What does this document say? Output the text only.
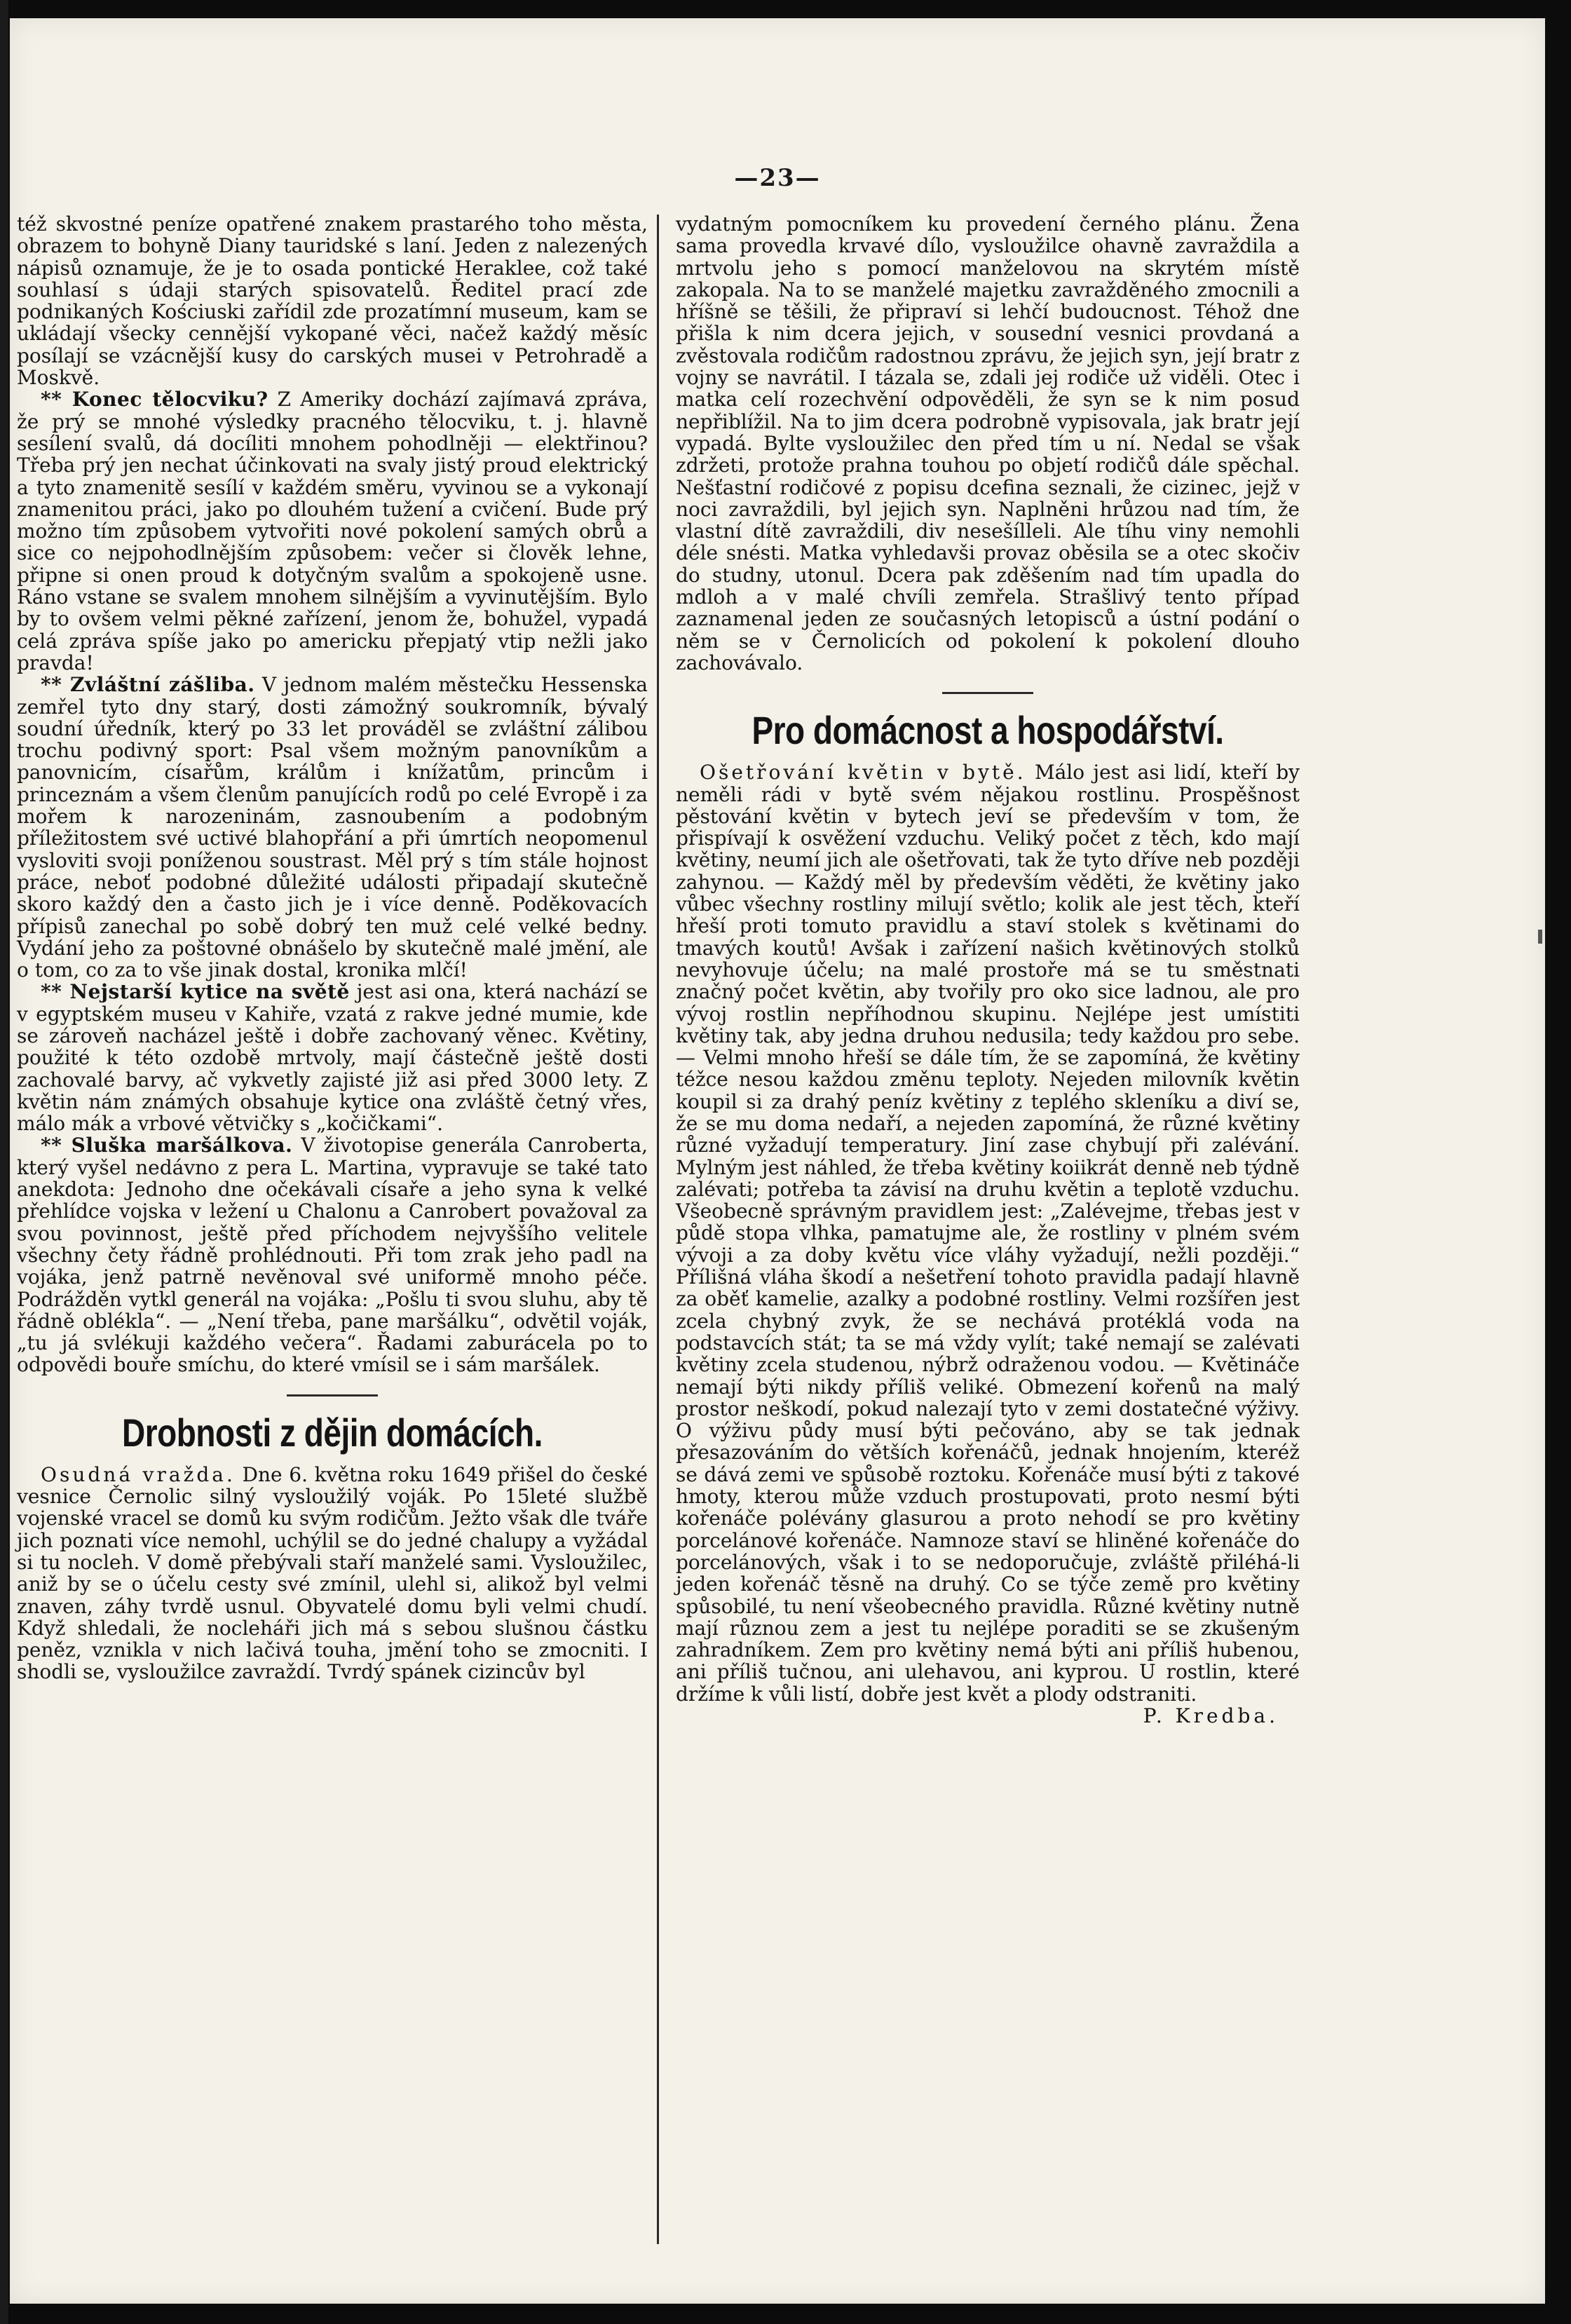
—23—

též skvostné peníze opatřené znakem prastarého toho města, obrazem to bohyně Diany tauridské s laní. Jeden z nalezených nápisů oznamuje, že je to osada pontické Heraklee, což také souhlasí s údaji starých spisovatelů. Ředitel prací zde podnikaných Kościuski zařídil zde prozatímní museum, kam se ukládají všecky cennější vykopané věci, načež každý měsíc posílají se vzácnější kusy do carských musei v Petrohradě a Moskvě.

** Konec tělocviku? Z Ameriky dochází zajímavá zpráva, že prý se mnohé výsledky pracného tělocviku, t. j. hlavně sesílení svalů, dá docíliti mnohem pohodlněji — elektřinou? Třeba prý jen nechat účinkovati na svaly jistý proud elektrický a tyto znamenitě sesílí v každém směru, vyvinou se a vykonají znamenitou práci, jako po dlouhém tužení a cvičení. Bude prý možno tím způsobem vytvořiti nové pokolení samých obrů a sice co nejpohodlnějším způsobem: večer si člověk lehne, připne si onen proud k dotyčným svalům a spokojeně usne. Ráno vstane se svalem mnohem silnějším a vyvinutějším. Bylo by to ovšem velmi pěkné zařízení, jenom že, bohužel, vypadá celá zpráva spíše jako po americku přepjatý vtip nežli jako pravda!

** Zvláštní zášliba. V jednom malém městečku Hessenska zemřel tyto dny starý, dosti zámožný soukromník, bývalý soudní úředník, který po 33 let prováděl se zvláštní zálibou trochu podivný sport: Psal všem možným panovníkům a panovnicím, císařům, králům i knížatům, princům i princeznám a všem členům panujících rodů po celé Evropě i za mořem k narozeninám, zasnoubením a podobným příležitostem své uctivé blahopřání a při úmrtích neopomenul vysloviti svoji poníženou soustrast. Měl prý s tím stále hojnost práce, neboť podobné důležité události připadají skutečně skoro každý den a často jich je i více denně. Poděkovacích přípisů zanechal po sobě dobrý ten muž celé velké bedny. Vydání jeho za poštovné obnášelo by skutečně malé jmění, ale o tom, co za to vše jinak dostal, kronika mlčí!

** Nejstarší kytice na světě jest asi ona, která nachází se v egyptském museu v Kahiře, vzatá z rakve jedné mumie, kde se zároveň nacházel ještě i dobře zachovaný věnec. Květiny, použité k této ozdobě mrtvoly, mají částečně ještě dosti zachovalé barvy, ač vykvetly zajisté již asi před 3000 lety. Z květin nám známých obsahuje kytice ona zvláště četný vřes, málo mák a vrbové větvičky s „kočičkami“.

** Sluška maršálkova. V životopise generála Canroberta, který vyšel nedávno z pera L. Martina, vypravuje se také tato anekdota: Jednoho dne očekávali císaře a jeho syna k velké přehlídce vojska v ležení u Chalonu a Canrobert považoval za svou povinnost, ještě před příchodem nejvyššího velitele všechny čety řádně prohlédnouti. Při tom zrak jeho padl na vojáka, jenž patrně nevěnoval své uniformě mnoho péče. Podrážděn vytkl generál na vojáka: „Pošlu ti svou sluhu, aby tě řádně oblékla“. — „Není třeba, pane maršálku“, odvětil voják, „tu já svlékuji každého večera“. Řadami zaburácela po to odpovědi bouře smíchu, do které vmísil se i sám maršálek.

Drobnosti z dějin domácích.

Osudná vražda. Dne 6. května roku 1649 přišel do české vesnice Černolic silný vysloužilý voják. Po 15leté službě vojenské vracel se domů ku svým rodičům. Ježto však dle tváře jich poznati více nemohl, uchýlil se do jedné chalupy a vyžádal si tu nocleh. V domě přebývali staří manželé sami. Vysloužilec, aniž by se o účelu cesty své zmínil, ulehl si, alikož byl velmi znaven, záhy tvrdě usnul. Obyvatelé domu byli velmi chudí. Když shledali, že nocleháři jich má s sebou slušnou částku peněz, vznikla v nich lačivá touha, jmění toho se zmocniti. I shodli se, vysloužilce zavraždí. Tvrdý spánek cizincův byl

vydatným pomocníkem ku provedení černého plánu. Žena sama provedla krvavé dílo, vysloužilce ohavně zavraždila a mrtvolu jeho s pomocí manželovou na skrytém místě zakopala. Na to se manželé majetku zavražděného zmocnili a hříšně se těšili, že připraví si lehčí budoucnost. Téhož dne přišla k nim dcera jejich, v sousední vesnici provdaná a zvěstovala rodičům radostnou zprávu, že jejich syn, její bratr z vojny se navrátil. I tázala se, zdali jej rodiče už viděli. Otec i matka celí rozechvění odpověděli, že syn se k nim posud nepřiblížil. Na to jim dcera podrobně vypisovala, jak bratr její vypadá. Bylte vysloužilec den před tím u ní. Nedal se však zdržeti, protože prahna touhou po objetí rodičů dále spěchal. Nešťastní rodičové z popisu dcefina seznali, že cizinec, jejž v noci zavraždili, byl jejich syn. Naplněni hrůzou nad tím, že vlastní dítě zavraždili, div nesešílleli. Ale tíhu viny nemohli déle snésti. Matka vyhledavši provaz oběsila se a otec skočiv do studny, utonul. Dcera pak zděšením nad tím upadla do mdloh a v malé chvíli zemřela. Strašlivý tento případ zaznamenal jeden ze současných letopisců a ústní podání o něm se v Černolicích od pokolení k pokolení dlouho zachovávalo.

Pro domácnost a hospodářství.

Ošetřování květin v bytě. Málo jest asi lidí, kteří by neměli rádi v bytě svém nějakou rostlinu. Prospěšnost pěstování květin v bytech jeví se především v tom, že přispívají k osvěžení vzduchu. Veliký počet z těch, kdo mají květiny, neumí jich ale ošetřovati, tak že tyto dříve neb později zahynou. — Každý měl by především věděti, že květiny jako vůbec všechny rostliny milují světlo; kolik ale jest těch, kteří hřeší proti tomuto pravidlu a staví stolek s květinami do tmavých koutů! Avšak i zařízení našich květinových stolků nevyhovuje účelu; na malé prostoře má se tu směstnati značný počet květin, aby tvořily pro oko sice ladnou, ale pro vývoj rostlin nepříhodnou skupinu. Nejlépe jest umístiti květiny tak, aby jedna druhou nedusila; tedy každou pro sebe. — Velmi mnoho hřeší se dále tím, že se zapomíná, že květiny téžce nesou každou změnu teploty. Nejeden milovník květin koupil si za drahý peníz květiny z teplého skleníku a diví se, že se mu doma nedaří, a nejeden zapomíná, že různé květiny různé vyžadují temperatury. Jiní zase chybují při zalévání. Mylným jest náhled, že třeba květiny koiikrát denně neb týdně zalévati; potřeba ta závisí na druhu květin a teplotě vzduchu. Všeobecně správným pravidlem jest: „Zalévejme, třebas jest v půdě stopa vlhka, pamatujme ale, že rostliny v plném svém vývoji a za doby květu více vláhy vyžadují, nežli později.“ Přílišná vláha škodí a nešetření tohoto pravidla padají hlavně za oběť kamelie, azalky a podobné rostliny. Velmi rozšířen jest zcela chybný zvyk, že se nechává protéklá voda na podstavcích stát; ta se má vždy vylít; také nemají se zalévati květiny zcela studenou, nýbrž odraženou vodou. — Květináče nemají býti nikdy příliš veliké. Obmezení kořenů na malý prostor neškodí, pokud nalezají tyto v zemi dostatečné výživy. O výživu půdy musí býti pečováno, aby se tak jednak přesazováním do větších kořenáčů, jednak hnojením, kteréž se dává zemi ve spůsobě roztoku. Kořenáče musí býti z takové hmoty, kterou může vzduch prostupovati, proto nesmí býti kořenáče polévány glasurou a proto nehodí se pro květiny porcelánové kořenáče. Namnoze staví se hliněné kořenáče do porcelánových, však i to se nedoporučuje, zvláště přiléhá-li jeden kořenáč těsně na druhý. Co se týče země pro květiny spůsobilé, tu není všeobecného pravidla. Různé květiny nutně mají různou zem a jest tu nejlépe poraditi se se zkušeným zahradníkem. Zem pro květiny nemá býti ani příliš hubenou, ani příliš tučnou, ani ulehavou, ani kyprou. U rostlin, které držíme k vůli listí, dobře jest květ a plody odstraniti.

P. Kredba.
